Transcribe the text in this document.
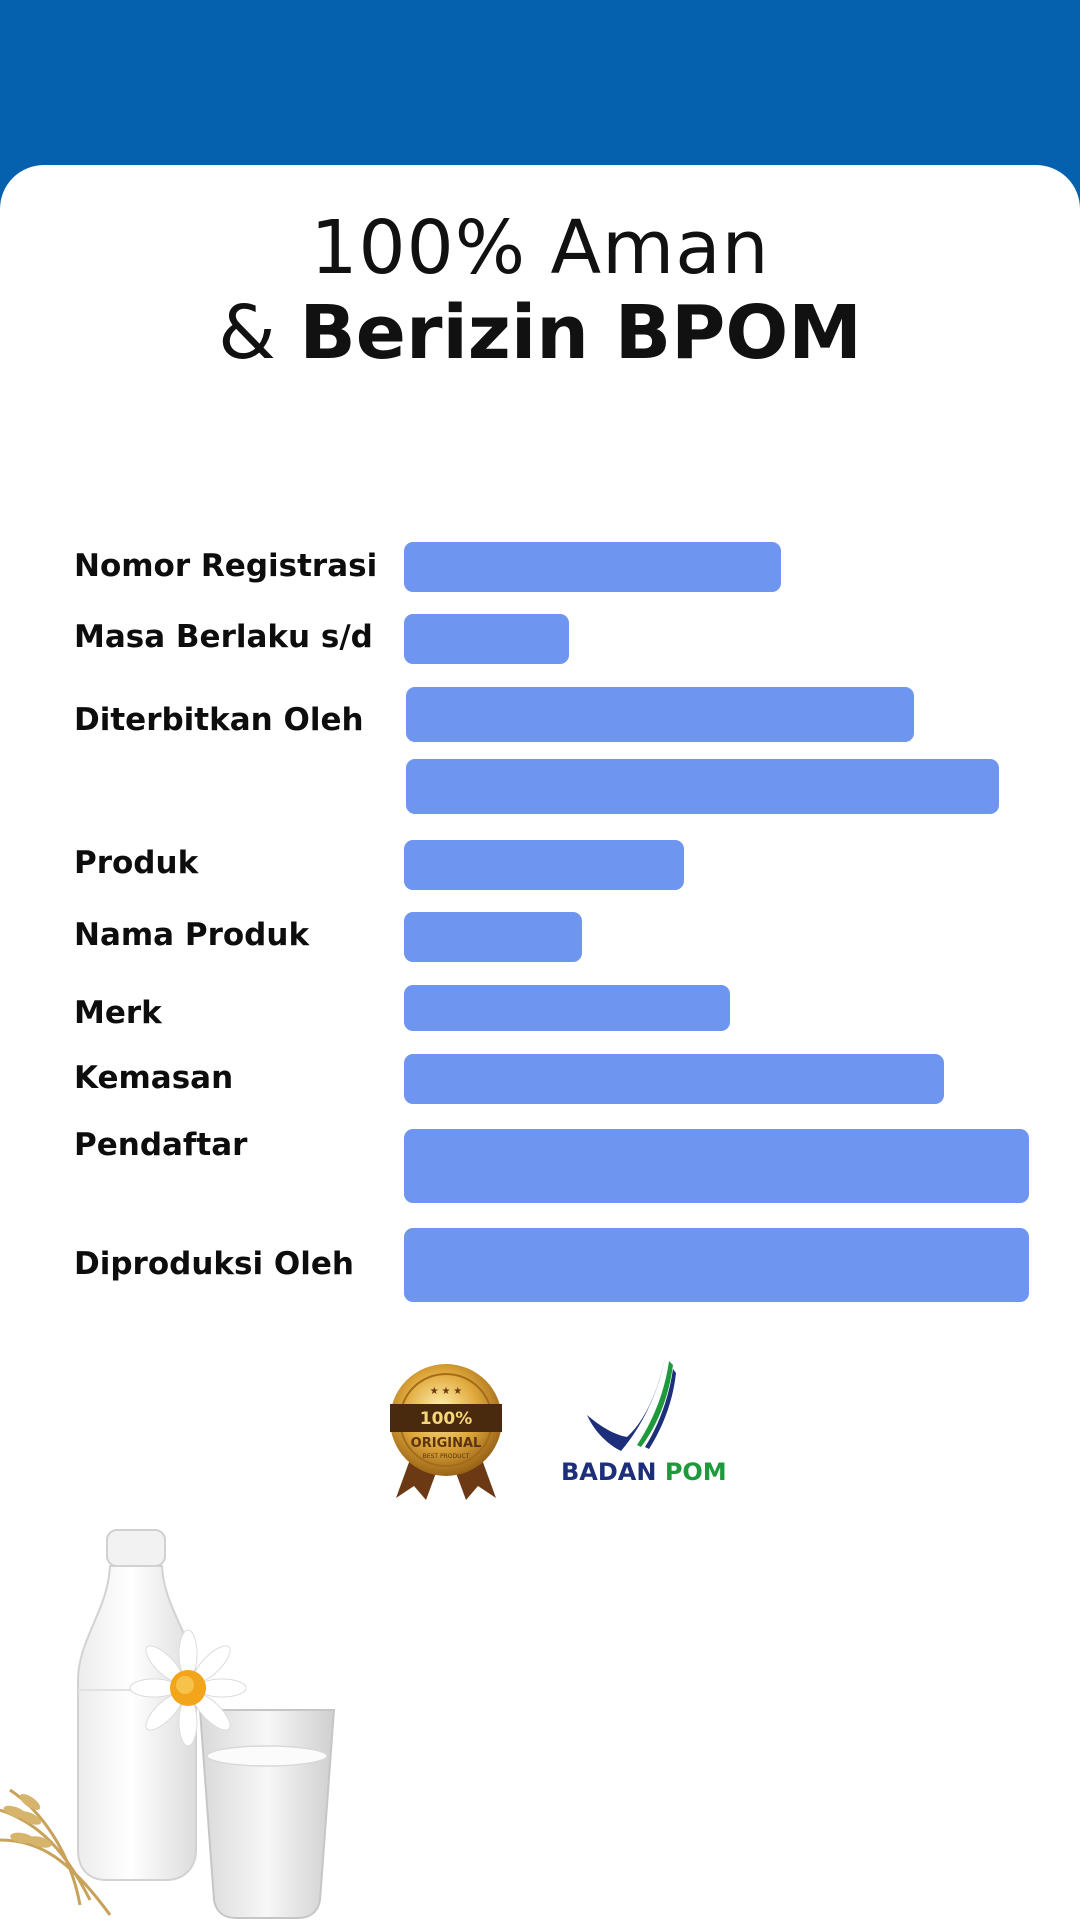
100% Aman
& Berizin BPOM
Nomor Registrasi
Masa Berlaku s/d
Diterbitkan Oleh
Produk
Nama Produk
Merk
Kemasan
Pendaftar
Diproduksi Oleh
100%
ORIGINAL
BEST PRODUCT
★ ★ ★
BADAN POM
